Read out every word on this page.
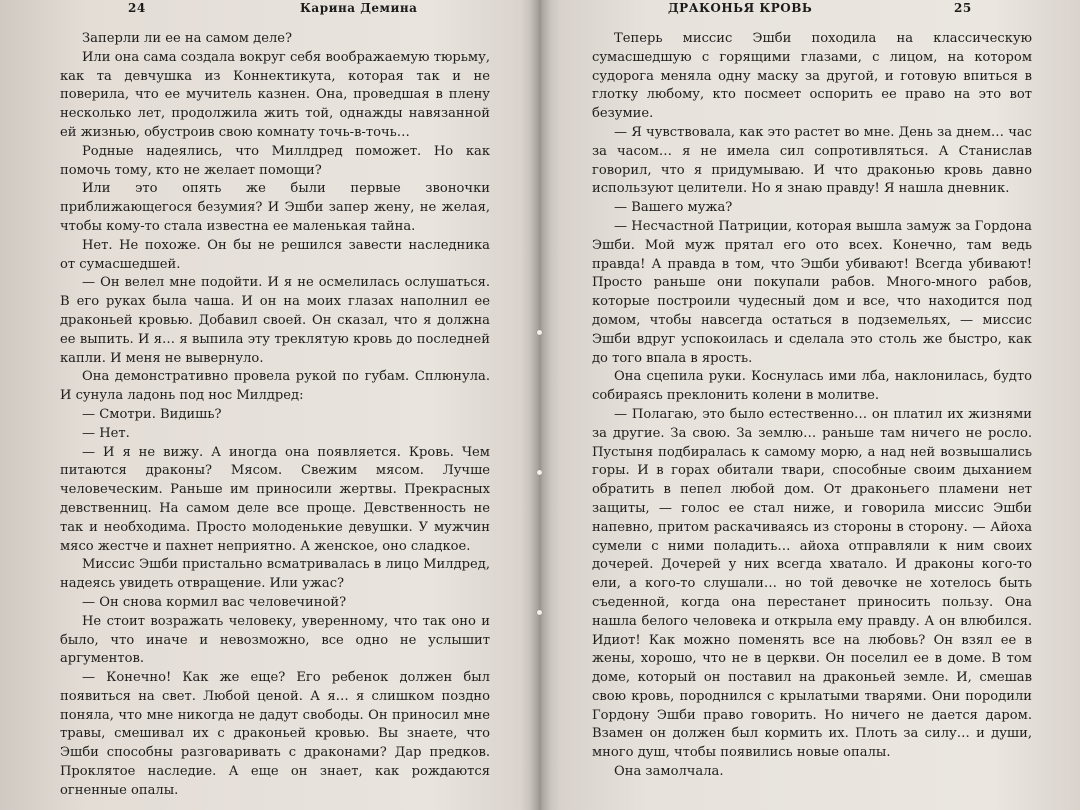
24	Карина Демина

Заперли ли ее на самом деле?

Или она сама создала вокруг себя воображаемую тюрьму, как та девчушка из Коннектикута, которая так и не поверила, что ее мучитель казнен. Она, проведшая в плену несколько лет, продолжила жить той, однажды навязанной ей жизнью, обустроив свою комнату точь-в-точь…

Родные надеялись, что Миллдред поможет. Но как помочь тому, кто не желает помощи?

Или это опять же были первые звоночки приближающегося безумия? И Эшби запер жену, не желая, чтобы кому-то стала известна ее маленькая тайна.

Нет. Не похоже. Он бы не решился завести наследника от сумасшедшей.

— Он велел мне подойти. И я не осмелилась ослушаться. В его руках была чаша. И он на моих глазах наполнил ее драконьей кровью. Добавил своей. Он сказал, что я должна ее выпить. И я… я выпила эту треклятую кровь до последней капли. И меня не вывернуло.

Она демонстративно провела рукой по губам. Сплюнула. И сунула ладонь под нос Милдред:

— Смотри. Видишь?

— Нет.

— И я не вижу. А иногда она появляется. Кровь. Чем питаются драконы? Мясом. Свежим мясом. Лучше человеческим. Раньше им приносили жертвы. Прекрасных девственниц. На самом деле все проще. Девственность не так и необходима. Просто молоденькие девушки. У мужчин мясо жестче и пахнет неприятно. А женское, оно сладкое.

Миссис Эшби пристально всматривалась в лицо Милдред, надеясь увидеть отвращение. Или ужас?

— Он снова кормил вас человечиной?

Не стоит возражать человеку, уверенному, что так оно и было, что иначе и невозможно, все одно не услышит аргументов.

— Конечно! Как же еще? Его ребенок должен был появиться на свет. Любой ценой. А я… я слишком поздно поняла, что мне никогда не дадут свободы. Он приносил мне травы, смешивал их с драконьей кровью. Вы знаете, что Эшби способны разговаривать с драконами? Дар предков. Проклятое наследие. А еще он знает, как рождаются огненные опалы.

ДРАКОНЬЯ КРОВЬ	25

Теперь миссис Эшби походила на классическую сумасшедшую с горящими глазами, с лицом, на котором судорога меняла одну маску за другой, и готовую впиться в глотку любому, кто посмеет оспорить ее право на это вот безумие.

— Я чувствовала, как это растет во мне. День за днем… час за часом… я не имела сил сопротивляться. А Станислав говорил, что я придумываю. И что драконью кровь давно используют целители. Но я знаю правду! Я нашла дневник.

— Вашего мужа?

— Несчастной Патриции, которая вышла замуж за Гордона Эшби. Мой муж прятал его ото всех. Конечно, там ведь правда! А правда в том, что Эшби убивают! Всегда убивают! Просто раньше они покупали рабов. Много-много рабов, которые построили чудесный дом и все, что находится под домом, чтобы навсегда остаться в подземельях, — миссис Эшби вдруг успокоилась и сделала это столь же быстро, как до того впала в ярость.

Она сцепила руки. Коснулась ими лба, наклонилась, будто собираясь преклонить колени в молитве.

— Полагаю, это было естественно… он платил их жизнями за другие. За свою. За землю… раньше там ничего не росло. Пустыня подбиралась к самому морю, а над ней возвышались горы. И в горах обитали твари, способные своим дыханием обратить в пепел любой дом. От драконьего пламени нет защиты, — голос ее стал ниже, и говорила миссис Эшби напевно, притом раскачиваясь из стороны в сторону. — Айоха сумели с ними поладить… айоха отправляли к ним своих дочерей. Дочерей у них всегда хватало. И драконы кого-то ели, а кого-то слушали… но той девочке не хотелось быть съеденной, когда она перестанет приносить пользу. Она нашла белого человека и открыла ему правду. А он влюбился. Идиот! Как можно поменять все на любовь? Он взял ее в жены, хорошо, что не в церкви. Он поселил ее в доме. В том доме, который он поставил на драконьей земле. И, смешав свою кровь, породнился с крылатыми тварями. Они породили Гордону Эшби право говорить. Но ничего не дается даром. Взамен он должен был кормить их. Плоть за силу… и души, много душ, чтобы появились новые опалы.

Она замолчала.
